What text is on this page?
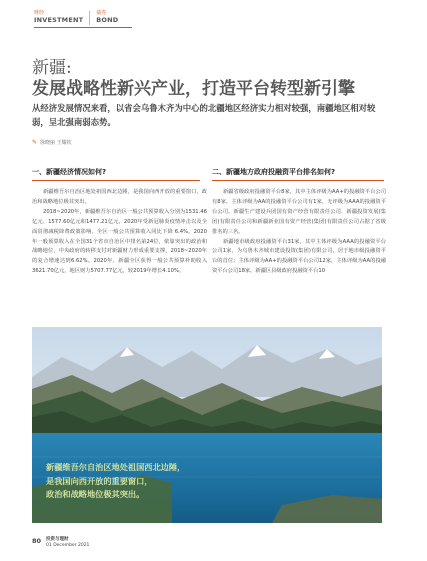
财经
INVESTMENT
债券
BOND
新疆:
发展战略性新兴产业，打造平台转型新引擎
从经济发展情况来看，以省会乌鲁木齐为中心的北疆地区经济实力相对较强，南疆地区相对较弱，呈北强南弱态势。
✎ 徐晓丽 王耀钦
一、新疆经济情况如何?

新疆维吾尔自治区地处祖国西北边陲，是我国向西开放的重要窗口，政治和战略地位极其突出。

2018~2020年，新疆维吾尔自治区一般公共预算收入分别为1531.46亿元、1577.60亿元和1477.21亿元，2020年受新冠肺炎疫情冲击以及全面贯彻减税降费政策影响，全区一般公共预算收入同比下降 6.4%。2020年一般预算收入在全国31个省市自治区中排名第24位，依靠突出的政治和战略地位，中央政府的转移支付对新疆财力形成重要支撑，2018~2020年的复合增速达到6.62%。2020年，新疆全区获得一般公共预算补助收入3621.70亿元，地区财力5707.77亿元，较2019年增长4.10%。

二、新疆地方政府投融资平台排名如何?

新疆省级政府投融资平台8家，其中主体评级为AA+的投融资平台公司有8家，主体评级为AA的投融资平台公司有1家，无评级为AAA的投融资平台公司。新疆生产建设兵团国有资产经营有限责任公司、新疆投资发展(集团)有限责任公司和新疆新业国有资产经营(集团)有限责任公司占据了省级排名的三名。

新疆地市级政府投融资平台31家，其中主体评级为AAA的投融资平台公司1家，为乌鲁木齐城市建设投资(集团)有限公司，居于地市级投融资平台的首位；主体评级为AA+的投融资平台公司12家，主体评级为AA的投融资平台公司18家。新疆区县级政府投融资平台10

新疆维吾尔自治区地处祖国西北边陲，
是我国向西开放的重要窗口，
政治和战略地位极其突出。
80 投资与理财
01 December 2021
